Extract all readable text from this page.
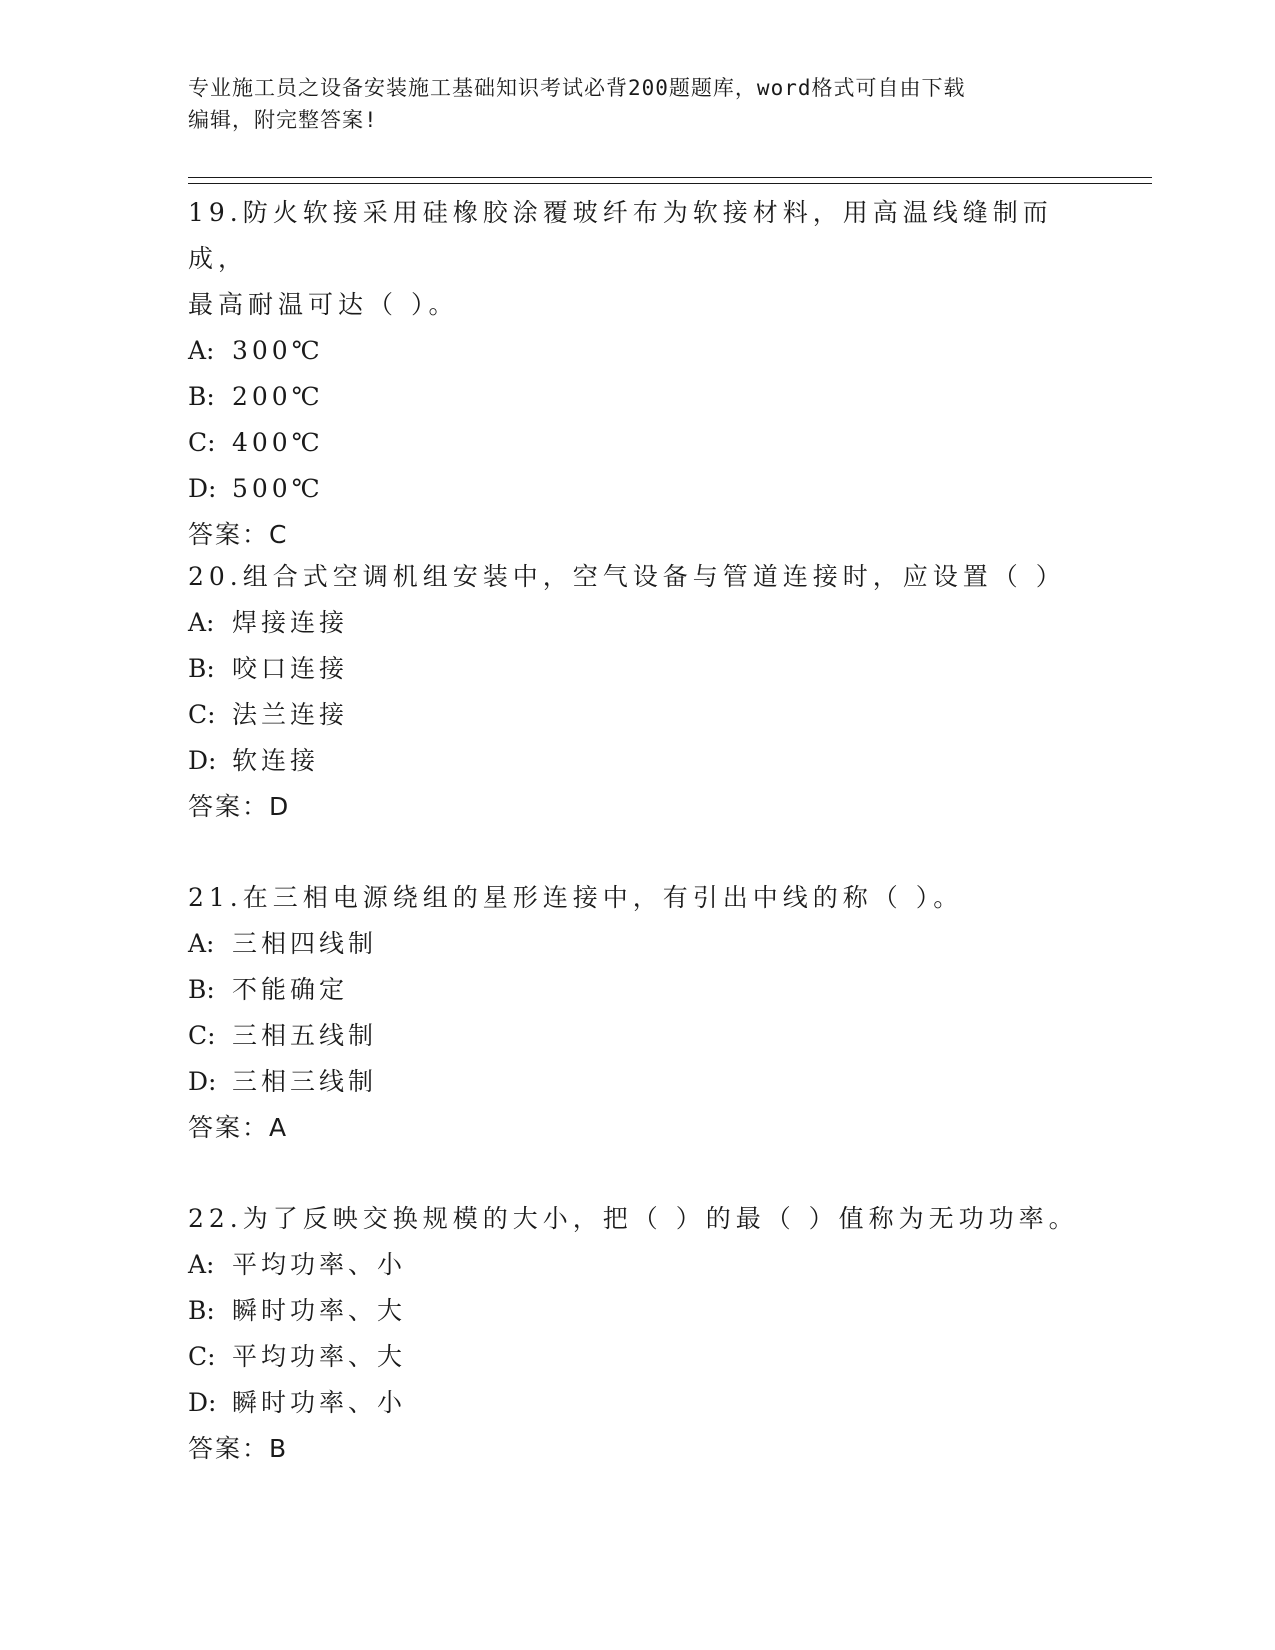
专业施工员之设备安装施工基础知识考试必背200题题库，word格式可自由下载
编辑，附完整答案!
19.防火软接采用硅橡胶涂覆玻纤布为软接材料，用高温线缝制而成，
最高耐温可达（ ）。
A: 300℃
B: 200℃
C: 400℃
D: 500℃
答案：C
20.组合式空调机组安装中，空气设备与管道连接时，应设置（ ）
A: 焊接连接
B: 咬口连接
C: 法兰连接
D: 软连接
答案：D
21.在三相电源绕组的星形连接中，有引出中线的称（ ）。
A: 三相四线制
B: 不能确定
C: 三相五线制
D: 三相三线制
答案：A
22.为了反映交换规模的大小，把（ ）的最（ ）值称为无功功率。
A: 平均功率、小
B: 瞬时功率、大
C: 平均功率、大
D: 瞬时功率、小
答案：B
